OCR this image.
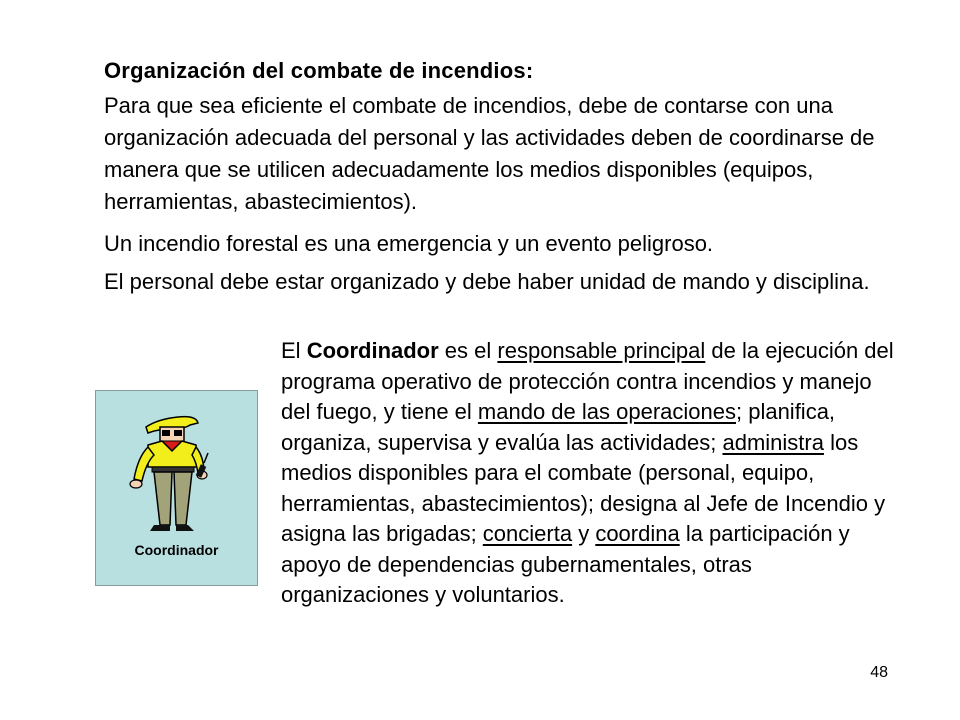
Organización del combate de incendios:

Para que sea eficiente el combate de incendios, debe de contarse con una organización adecuada del personal y las actividades deben de coordinarse de manera que se utilicen adecuadamente los medios disponibles (equipos, herramientas, abastecimientos).

Un incendio forestal es una emergencia y un evento peligroso.

El personal debe estar organizado y debe haber unidad de mando y disciplina.

Coordinador

El Coordinador es el responsable principal de la ejecución del programa operativo de protección contra incendios y manejo del fuego, y tiene el mando de las operaciones; planifica, organiza, supervisa y evalúa las actividades; administra los medios disponibles para el combate (personal, equipo, herramientas, abastecimientos); designa al Jefe de Incendio y asigna las brigadas; concierta y coordina la participación y apoyo de dependencias gubernamentales, otras organizaciones y voluntarios.

48
